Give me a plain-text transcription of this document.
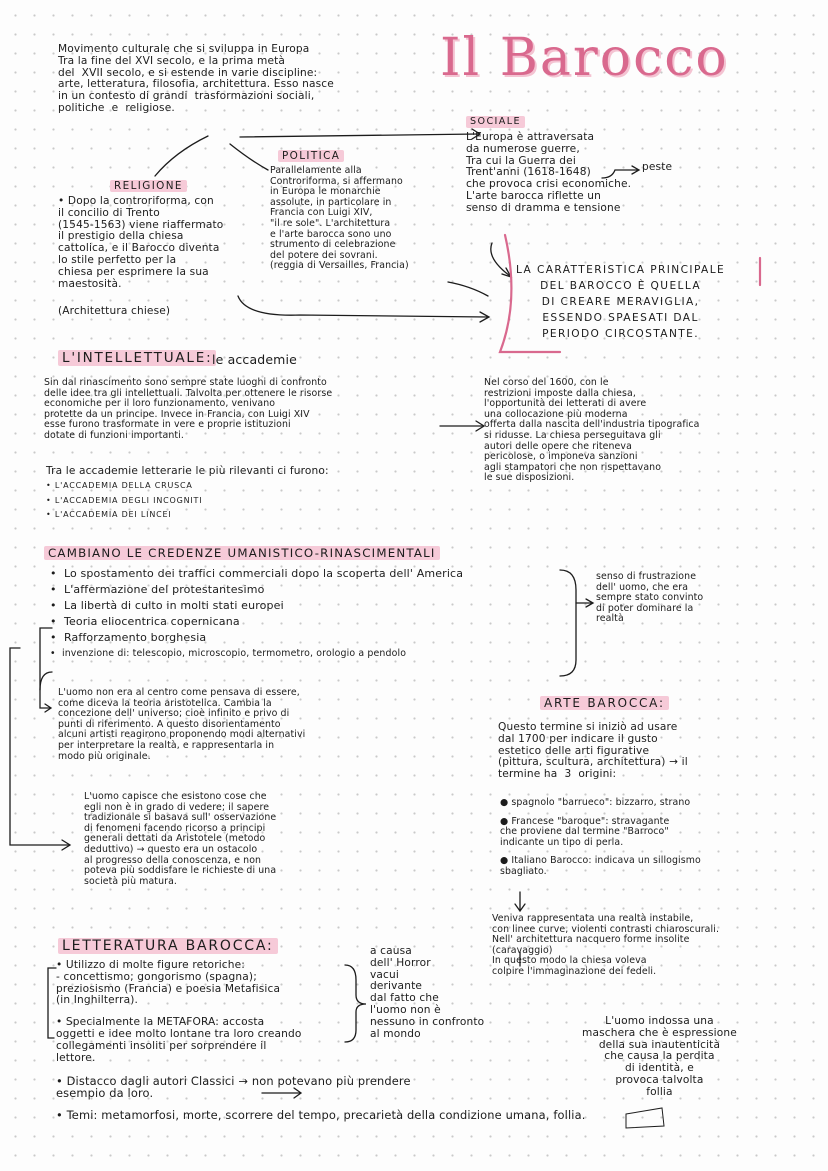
Il Barocco
Movimento culturale che si sviluppa in Europa
Tra la fine del XVI secolo, e la prima metà
del  XVII secolo, e si estende in varie discipline:
arte, letteratura, filosofia, architettura. Esso nasce
in un contesto di grandi  trasformazioni sociali,
politiche  e  religiose.
RELIGIONE
• Dopo la controriforma, con
il concilio di Trento
(1545-1563) viene riaffermato
il prestigio della chiesa
cattolica, e il Barocco diventa
lo stile perfetto per la
chiesa per esprimere la sua
maestosità.
(Architettura chiese)
POLITICA
Parallelamente alla
Controriforma, si affermano
in Europa le monarchie
assolute, in particolare in
Francia con Luigi XIV,
"il re sole". L'architettura
e l'arte barocca sono uno
strumento di celebrazione
del potere dei sovrani.
(reggia di Versailles, Francia)
SOCIALE
L'Europa è attraversata
da numerose guerre,
Tra cui la Guerra dei
Trent'anni (1618-1648)
che provoca crisi economiche.
L'arte barocca riflette un
senso di dramma e tensione
peste
LA CARATTERISTICA PRINCIPALE
DEL BAROCCO È QUELLA
DI CREARE MERAVIGLIA,
ESSENDO SPAESATI DAL
PERIODO CIRCOSTANTE.
L'INTELLETTUALE: le accademie
Sin dal rinascimento sono sempre state luoghi di confronto
delle idee tra gli intellettuali. Talvolta per ottenere le risorse
economiche per il loro funzionamento, venivano
protette da un principe. Invece in Francia, con Luigi XIV
esse furono trasformate in vere e proprie istituzioni
dotate di funzioni importanti.
Tra le accademie letterarie le più rilevanti ci furono:
• L'ACCADEMIA DELLA CRUSCA
• L'ACCADEMIA DEGLI INCOGNITI
• L'ACCADEMIA DEI LINCEI
Nel corso del 1600, con le
restrizioni imposte dalla chiesa,
l'opportunità dei letterati di avere
una collocazione più moderna
offerta dalla nascita dell'industria tipografica
si ridusse. La chiesa perseguitava gli
autori delle opere che riteneva
pericolose, o imponeva sanzioni
agli stampatori che non rispettavano
le sue disposizioni.
CAMBIANO LE CREDENZE UMANISTICO-RINASCIMENTALI
•  Lo spostamento dei traffici commerciali dopo la scoperta dell' America
•  L'affermazione del protestantesimo
•  La libertà di culto in molti stati europei
•  Teoria eliocentrica copernicana
•  Rafforzamento borghesia
•  invenzione di: telescopio, microscopio, termometro, orologio a pendolo
senso di frustrazione
dell' uomo, che era
sempre stato convinto
di poter dominare la
realtà
L'uomo non era al centro come pensava di essere,
come diceva la teoria aristotelica. Cambia la
concezione dell' universo; cioè infinito e privo di
punti di riferimento. A questo disorientamento
alcuni artisti reagirono proponendo modi alternativi
per interpretare la realtà, e rappresentarla in
modo più originale.
L'uomo capisce che esistono cose che
egli non è in grado di vedere; il sapere
tradizionale si basava sull' osservazione
di fenomeni facendo ricorso a principi
generali dettati da Aristotele (metodo
deduttivo) → questo era un ostacolo
al progresso della conoscenza, e non
poteva più soddisfare le richieste di una
società più matura.
ARTE BAROCCA:
Questo termine si iniziò ad usare
dal 1700 per indicare il gusto
estetico delle arti figurative
(pittura, scultura, architettura) → il
termine ha  3  origini:
● spagnolo "barrueco": bizzarro, strano
● Francese "baroque": stravagante
che proviene dal termine "Barroco"
indicante un tipo di perla.
● Italiano Barocco: indicava un sillogismo
sbagliato.
Veniva rappresentata una realtà instabile,
con linee curve, violenti contrasti chiaroscurali.
Nell' architettura nacquero forme insolite
(caravaggio)
In questo modo la chiesa voleva
colpire l'immaginazione dei fedeli.
L'uomo indossa una
maschera che è espressione
della sua inautenticità
che causa la perdita
di identità, e
provoca talvolta
follia
LETTERATURA BAROCCA:
• Utilizzo di molte figure retoriche:
- concettismo; gongorismo (spagna);
preziosismo (Francia) e poesia Metafisica
(in Inghilterra).
• Specialmente la METAFORA: accosta
oggetti e idee molto lontane tra loro creando
collegamenti insoliti per sorprendere il
lettore.
• Distacco dagli autori Classici → non potevano più prendere
esempio da loro.
• Temi: metamorfosi, morte, scorrere del tempo, precarietà della condizione umana, follia.
a causa
dell' Horror
vacui
derivante
dal fatto che
l'uomo non è
nessuno in confronto
al mondo
